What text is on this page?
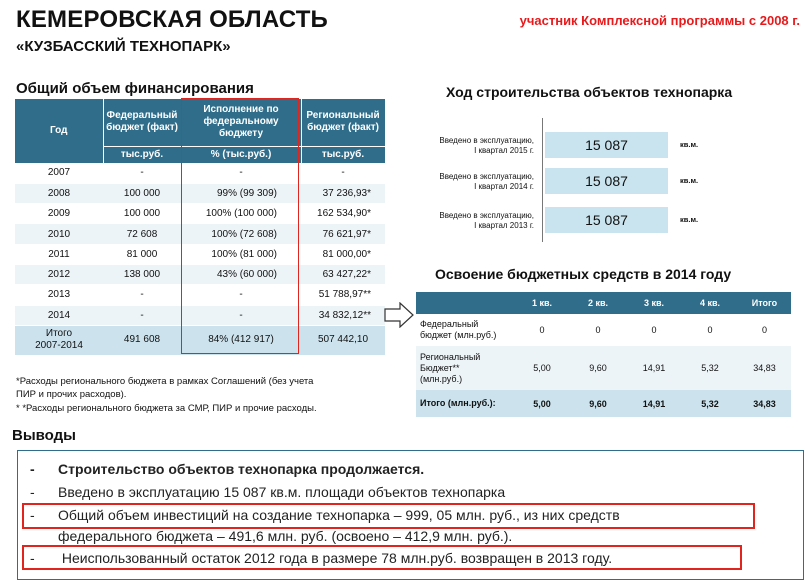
КЕМЕРОВСКАЯ ОБЛАСТЬ
«КУЗБАССКИЙ ТЕХНОПАРК»
участник Комплексной программы с 2008 г.
Общий объем финансирования
Год	Федеральный бюджет (факт)	Исполнение по федеральному бюджету	Региональный бюджет (факт)
	тыс.руб.	% (тыс.руб.)	тыс.руб.
2007	-	-	-
2008	100 000	99% (99 309)	37 236,93*
2009	100 000	100% (100 000)	162 534,90*
2010	72 608	100% (72 608)	76 621,97*
2011	81 000	100% (81 000)	81 000,00*
2012	138 000	43% (60 000)	63 427,22*
2013	-	-	51 788,97**
2014	-	-	34 832,12**

Итого
2007-2014	491 608	84% (412 917)	507 442,10
*Расходы регионального бюджета в рамках Соглашений (без учета
ПИР и прочих расходов).
* *Расходы регионального бюджета за СМР, ПИР и прочие расходы.
Ход строительства объектов технопарка
Введено в эксплуатацию,
I квартал 2015 г.	15 087	кв.м.
Введено в эксплуатацию,
I квартал 2014 г.	15 087	кв.м.
Введено в эксплуатацию,
I квартал 2013 г.	15 087	кв.м.
Освоение бюджетных средств в 2014 году
	1 кв.	2 кв.	3 кв.	4 кв.	Итого

Федеральный
бюджет (млн.руб.)	0	0	0	0	0

Региональный
Бюджет**
(млн.руб.)	5,00	9,60	14,91	5,32	34,83
Итого (млн.руб.):	5,00	9,60	14,91	5,32	34,83
Выводы
- Строительство объектов технопарка продолжается.
- Введено в эксплуатацию 15 087 кв.м. площади объектов технопарка
- Общий объем инвестиций на создание технопарка – 999, 05 млн. руб., из них средств
федерального бюджета – 491,6 млн. руб. (освоено – 412,9 млн. руб.).
- Неиспользованный остаток 2012 года в размере 78 млн.руб. возвращен в 2013 году.
